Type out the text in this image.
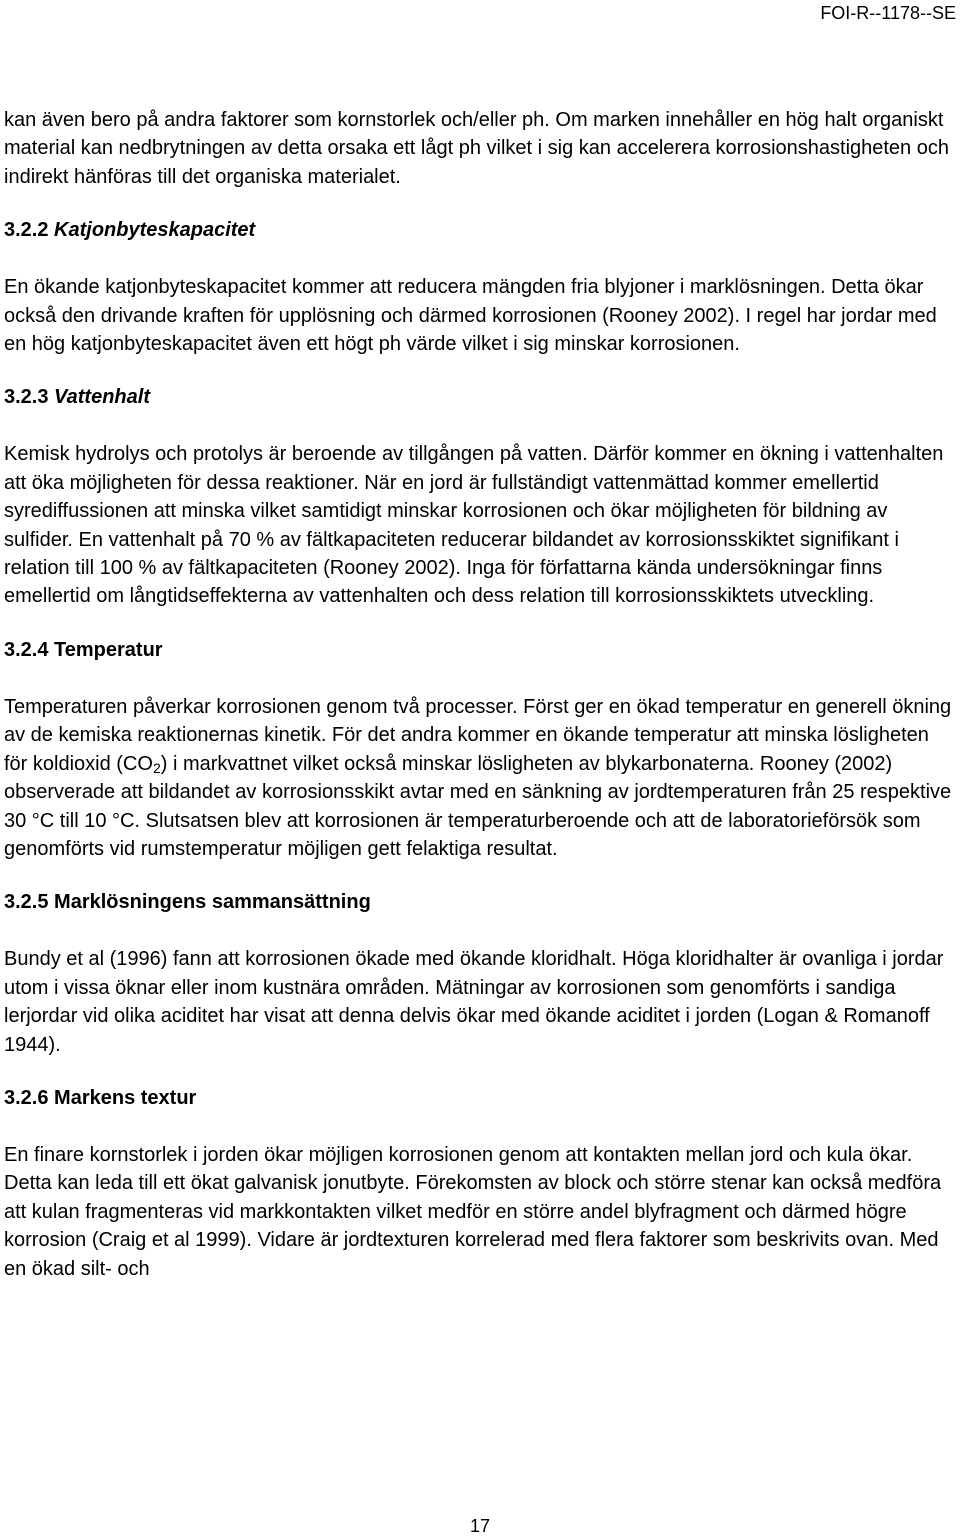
FOI-R--1178--SE

kan även bero på andra faktorer som kornstorlek och/eller ph. Om marken innehåller en hög halt organiskt material kan nedbrytningen av detta orsaka ett lågt ph vilket i sig kan accelerera korrosionshastigheten och indirekt hänföras till det organiska materialet.

3.2.2 Katjonbyteskapacitet

En ökande katjonbyteskapacitet kommer att reducera mängden fria blyjoner i marklösningen. Detta ökar också den drivande kraften för upplösning och därmed korrosionen (Rooney 2002). I regel har jordar med en hög katjonbyteskapacitet även ett högt ph värde vilket i sig minskar korrosionen.

3.2.3 Vattenhalt

Kemisk hydrolys och protolys är beroende av tillgången på vatten. Därför kommer en ökning i vattenhalten att öka möjligheten för dessa reaktioner. När en jord är fullständigt vattenmättad kommer emellertid syrediffussionen att minska vilket samtidigt minskar korrosionen och ökar möjligheten för bildning av sulfider. En vattenhalt på 70 % av fältkapaciteten reducerar bildandet av korrosionsskiktet signifikant i relation till 100 % av fältkapaciteten (Rooney 2002). Inga för författarna kända undersökningar finns emellertid om långtidseffekterna av vattenhalten och dess relation till korrosionsskiktets utveckling.

3.2.4 Temperatur

Temperaturen påverkar korrosionen genom två processer. Först ger en ökad temperatur en generell ökning av de kemiska reaktionernas kinetik. För det andra kommer en ökande temperatur att minska lösligheten för koldioxid $(CO_2)$ i markvattnet vilket också minskar lösligheten av blykarbonaterna. Rooney (2002) observerade att bildandet av korrosionsskikt avtar med en sänkning av jordtemperaturen från 25 respektive 30 °C till 10 °C. Slutsatsen blev att korrosionen är temperaturberoende och att de laboratorieförsök som genomförts vid rumstemperatur möjligen gett felaktiga resultat.

3.2.5 Marklösningens sammansättning

Bundy et al (1996) fann att korrosionen ökade med ökande kloridhalt. Höga kloridhalter är ovanliga i jordar utom i vissa öknar eller inom kustnära områden. Mätningar av korrosionen som genomförts i sandiga lerjordar vid olika aciditet har visat att denna delvis ökar med ökande aciditet i jorden (Logan & Romanoff 1944).

3.2.6 Markens textur

En finare kornstorlek i jorden ökar möjligen korrosionen genom att kontakten mellan jord och kula ökar. Detta kan leda till ett ökat galvanisk jonutbyte. Förekomsten av block och större stenar kan också medföra att kulan fragmenteras vid markkontakten vilket medför en större andel blyfragment och därmed högre korrosion (Craig et al 1999). Vidare är jordtexturen korrelerad med flera faktorer som beskrivits ovan. Med en ökad silt- och

17
